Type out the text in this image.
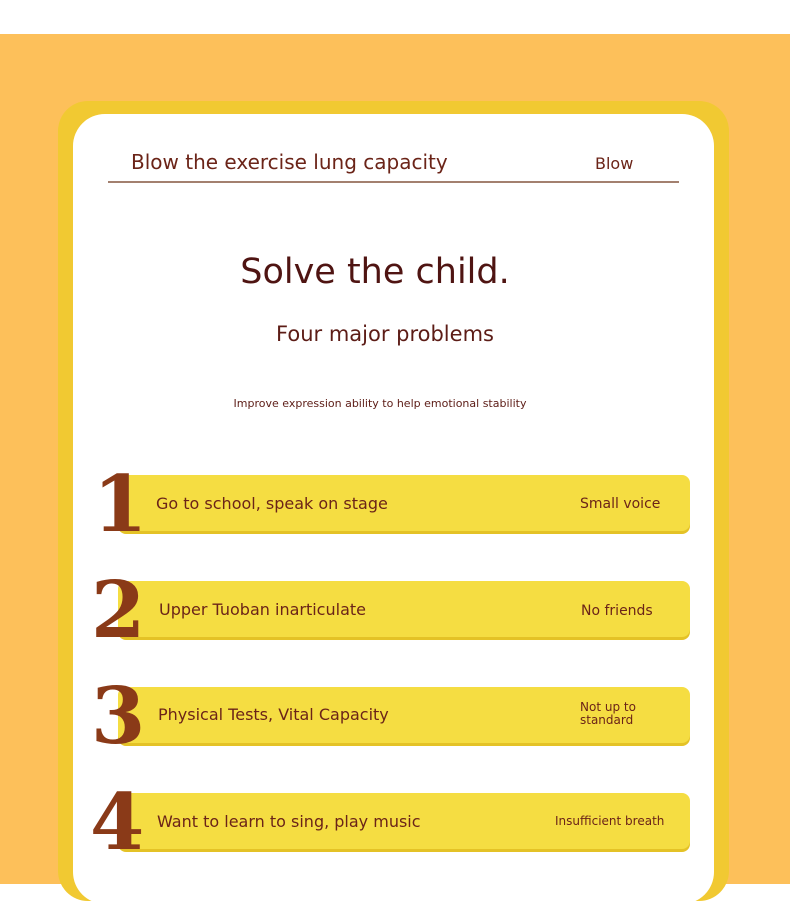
Blow the exercise lung capacity	Blow
Solve the child.
Four major problems
Improve expression ability to help emotional stability
1 Go to school, speak on stage	Small voice
2 Upper Tuoban inarticulate	No friends
3 Physical Tests, Vital Capacity	Not up to standard
4 Want to learn to sing, play music	Insufficient breath
